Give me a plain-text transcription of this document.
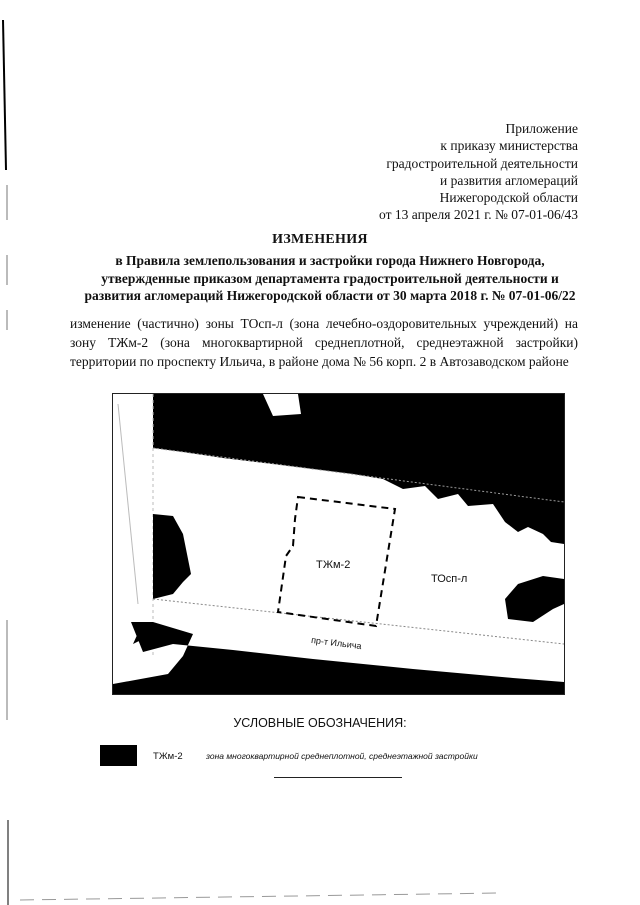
Приложение
к приказу министерства
градостроительной деятельности
и развития агломераций
Нижегородской области
от 13 апреля 2021 г. № 07-01-06/43
ИЗМЕНЕНИЯ
в Правила землепользования и застройки города Нижнего Новгорода,
утвержденные приказом департамента градостроительной деятельности и
развития агломераций Нижегородской области от 30 марта 2018 г. № 07-01-06/22
изменение (частично) зоны ТОсп-л (зона лечебно-оздоровительных учреждений) на зону ТЖм-2 (зона многоквартирной среднеплотной, среднеэтажной застройки) территории по проспекту Ильича, в районе дома № 56 корп. 2 в Автозаводском районе
ТЖм-2
ТОсп-л
пр-т Ильича
УСЛОВНЫЕ ОБОЗНАЧЕНИЯ:
ТЖм-2	зона многоквартирной среднеплотной, среднеэтажной застройки
